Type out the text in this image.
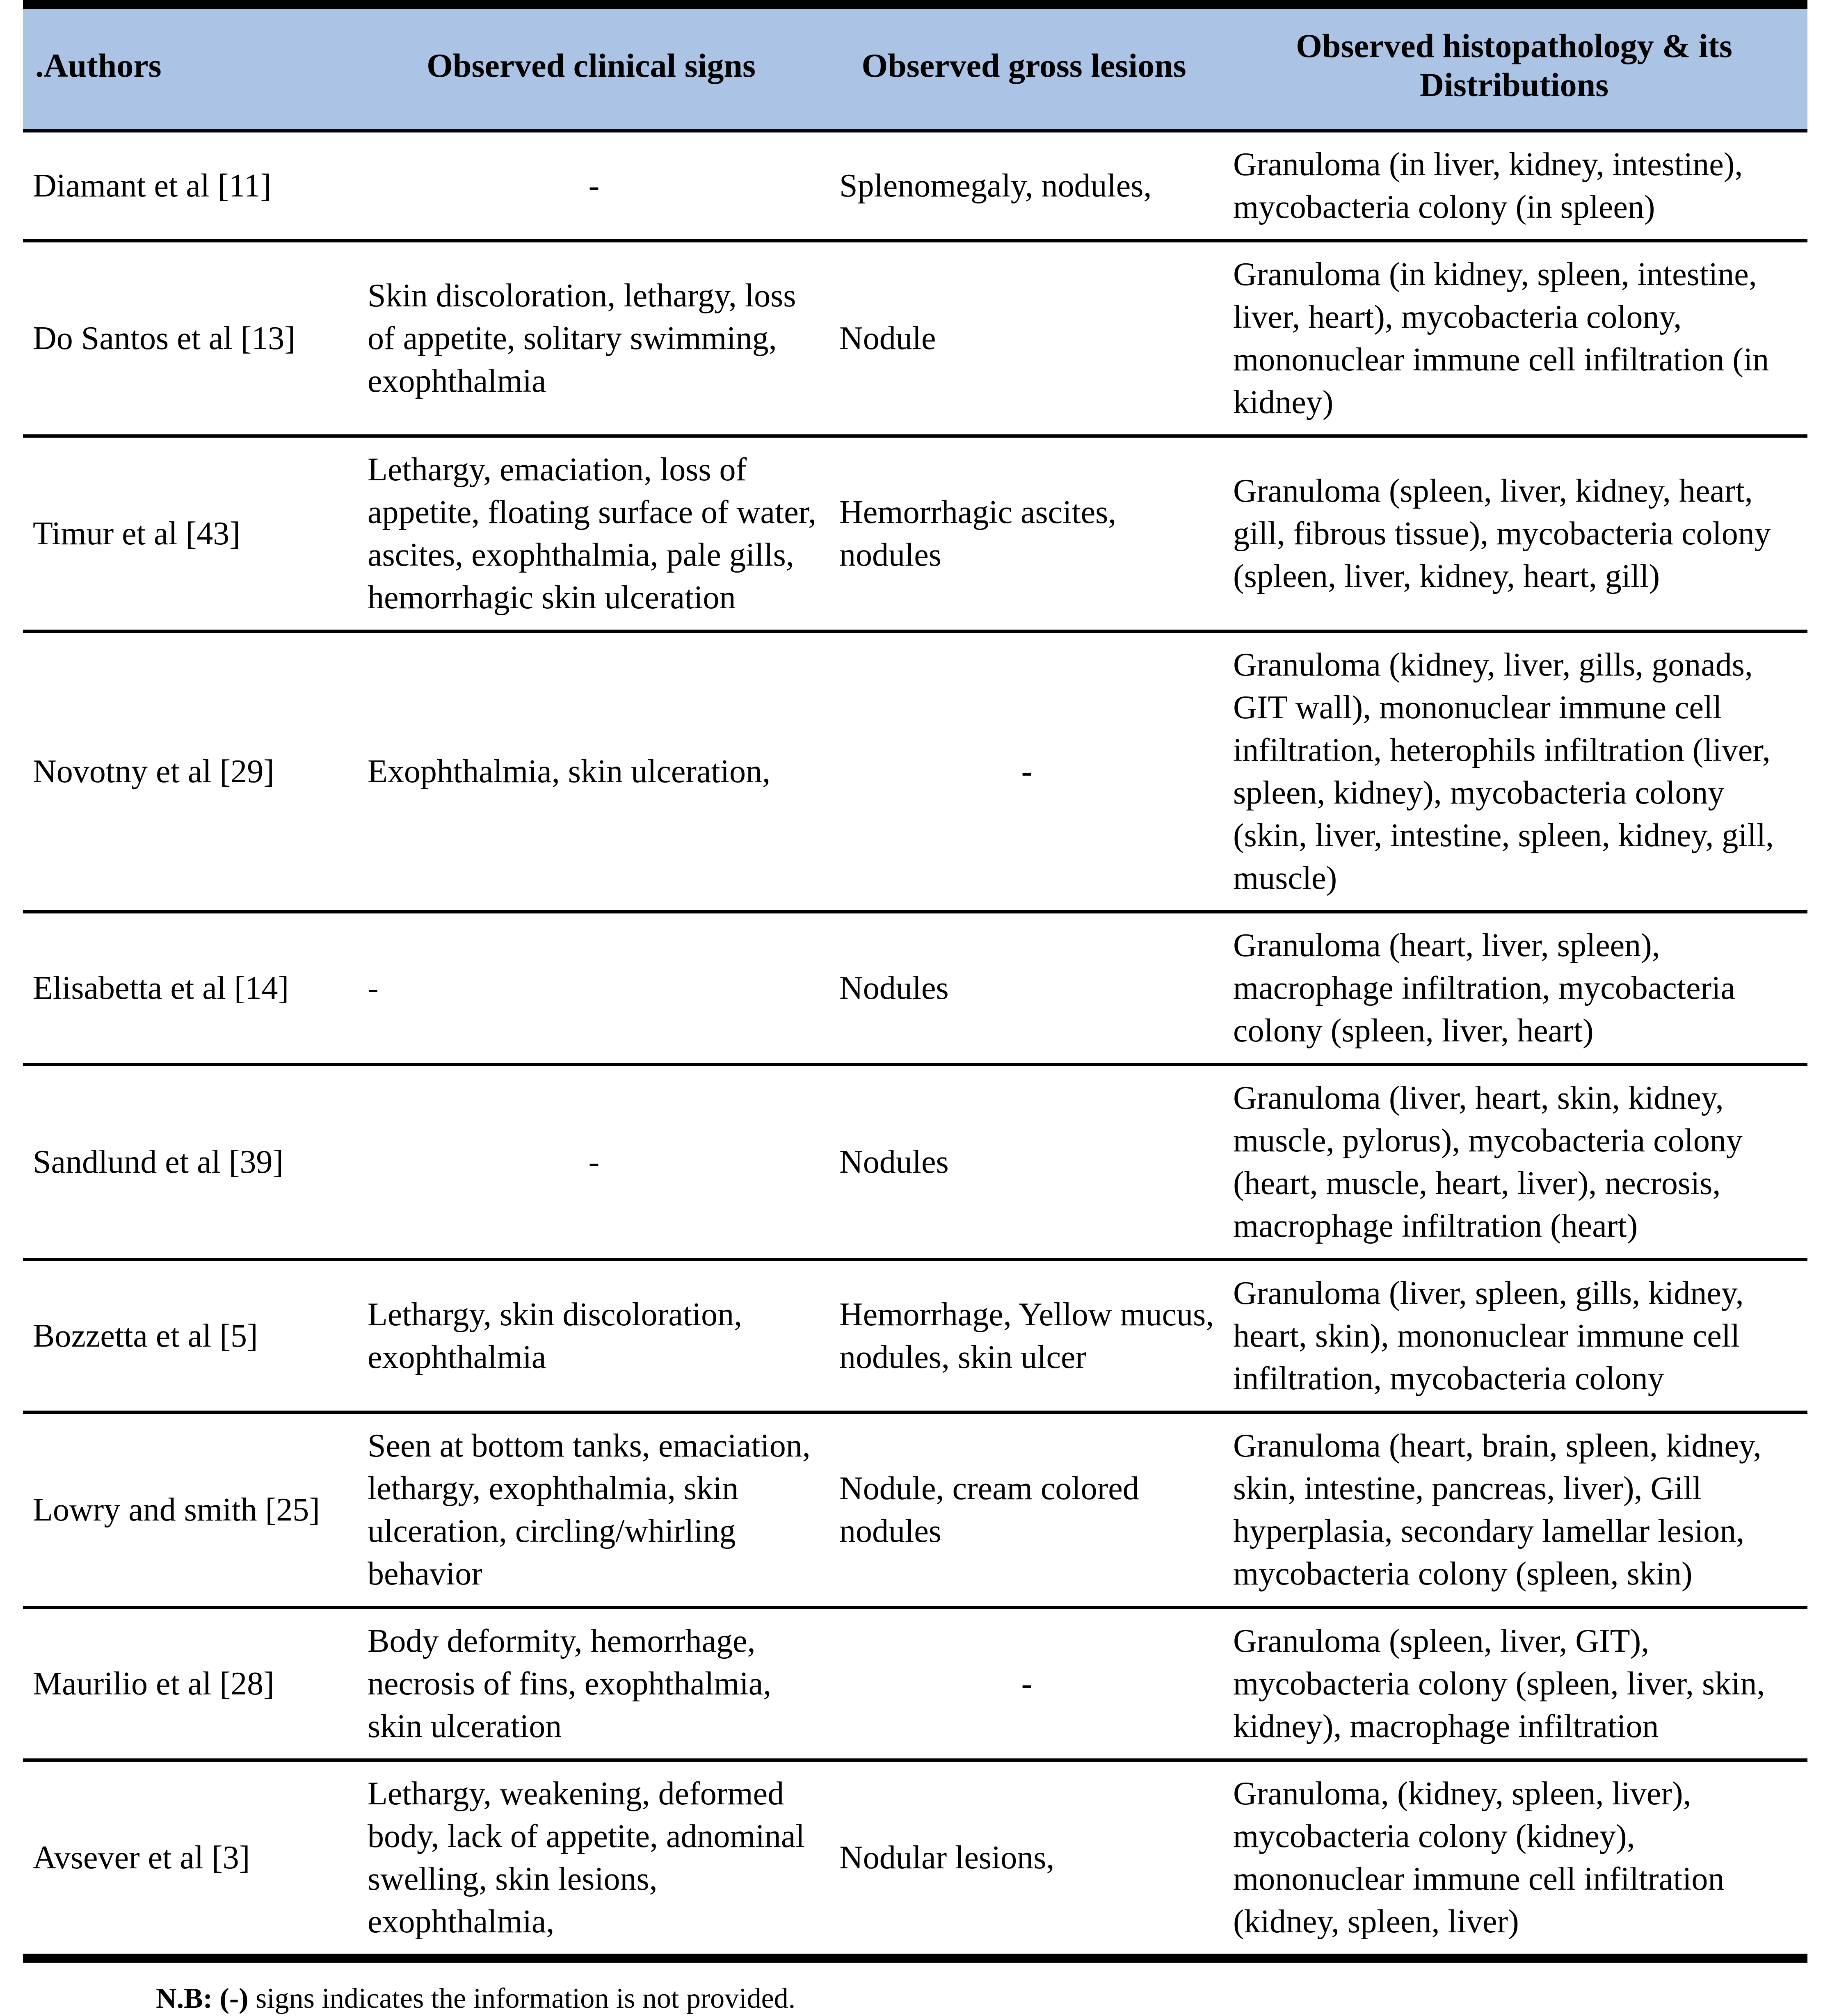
.Authors	Observed clinical signs	Observed gross lesions	Observed histopathology & its Distributions
Diamant et al [11]	-	Splenomegaly, nodules,	Granuloma (in liver, kidney, intestine), mycobacteria colony (in spleen)
Do Santos et al [13]	Skin discoloration, lethargy, loss of appetite, solitary swimming, exophthalmia	Nodule	Granuloma (in kidney, spleen, intestine, liver, heart), mycobacteria colony, mononuclear immune cell infiltration (in kidney)
Timur et al [43]	Lethargy, emaciation, loss of appetite, floating surface of water, ascites, exophthalmia, pale gills, hemorrhagic skin ulceration	Hemorrhagic ascites, nodules	Granuloma (spleen, liver, kidney, heart, gill, fibrous tissue), mycobacteria colony (spleen, liver, kidney, heart, gill)
Novotny et al [29]	Exophthalmia, skin ulceration,	-	Granuloma (kidney, liver, gills, gonads, GIT wall), mononuclear immune cell infiltration, heterophils infiltration (liver, spleen, kidney), mycobacteria colony (skin, liver, intestine, spleen, kidney, gill, muscle)
Elisabetta et al [14]	-	Nodules	Granuloma (heart, liver, spleen), macrophage infiltration, mycobacteria colony (spleen, liver, heart)
Sandlund et al [39]	-	Nodules	Granuloma (liver, heart, skin, kidney, muscle, pylorus), mycobacteria colony (heart, muscle, heart, liver), necrosis, macrophage infiltration (heart)
Bozzetta et al [5]	Lethargy, skin discoloration, exophthalmia	Hemorrhage, Yellow mucus, nodules, skin ulcer	Granuloma (liver, spleen, gills, kidney, heart, skin), mononuclear immune cell infiltration, mycobacteria colony
Lowry and smith [25]	Seen at bottom tanks, emaciation, lethargy, exophthalmia, skin ulceration, circling/whirling behavior	Nodule, cream colored nodules	Granuloma (heart, brain, spleen, kidney, skin, intestine, pancreas, liver), Gill hyperplasia, secondary lamellar lesion, mycobacteria colony (spleen, skin)
Maurilio et al [28]	Body deformity, hemorrhage, necrosis of fins, exophthalmia, skin ulceration	-	Granuloma (spleen, liver, GIT), mycobacteria colony (spleen, liver, skin, kidney), macrophage infiltration
Avsever et al [3]	Lethargy, weakening, deformed body, lack of appetite, adnominal swelling, skin lesions, exophthalmia,	Nodular lesions,	Granuloma, (kidney, spleen, liver), mycobacteria colony (kidney), mononuclear immune cell infiltration (kidney, spleen, liver)
N.B: (-) signs indicates the information is not provided.
